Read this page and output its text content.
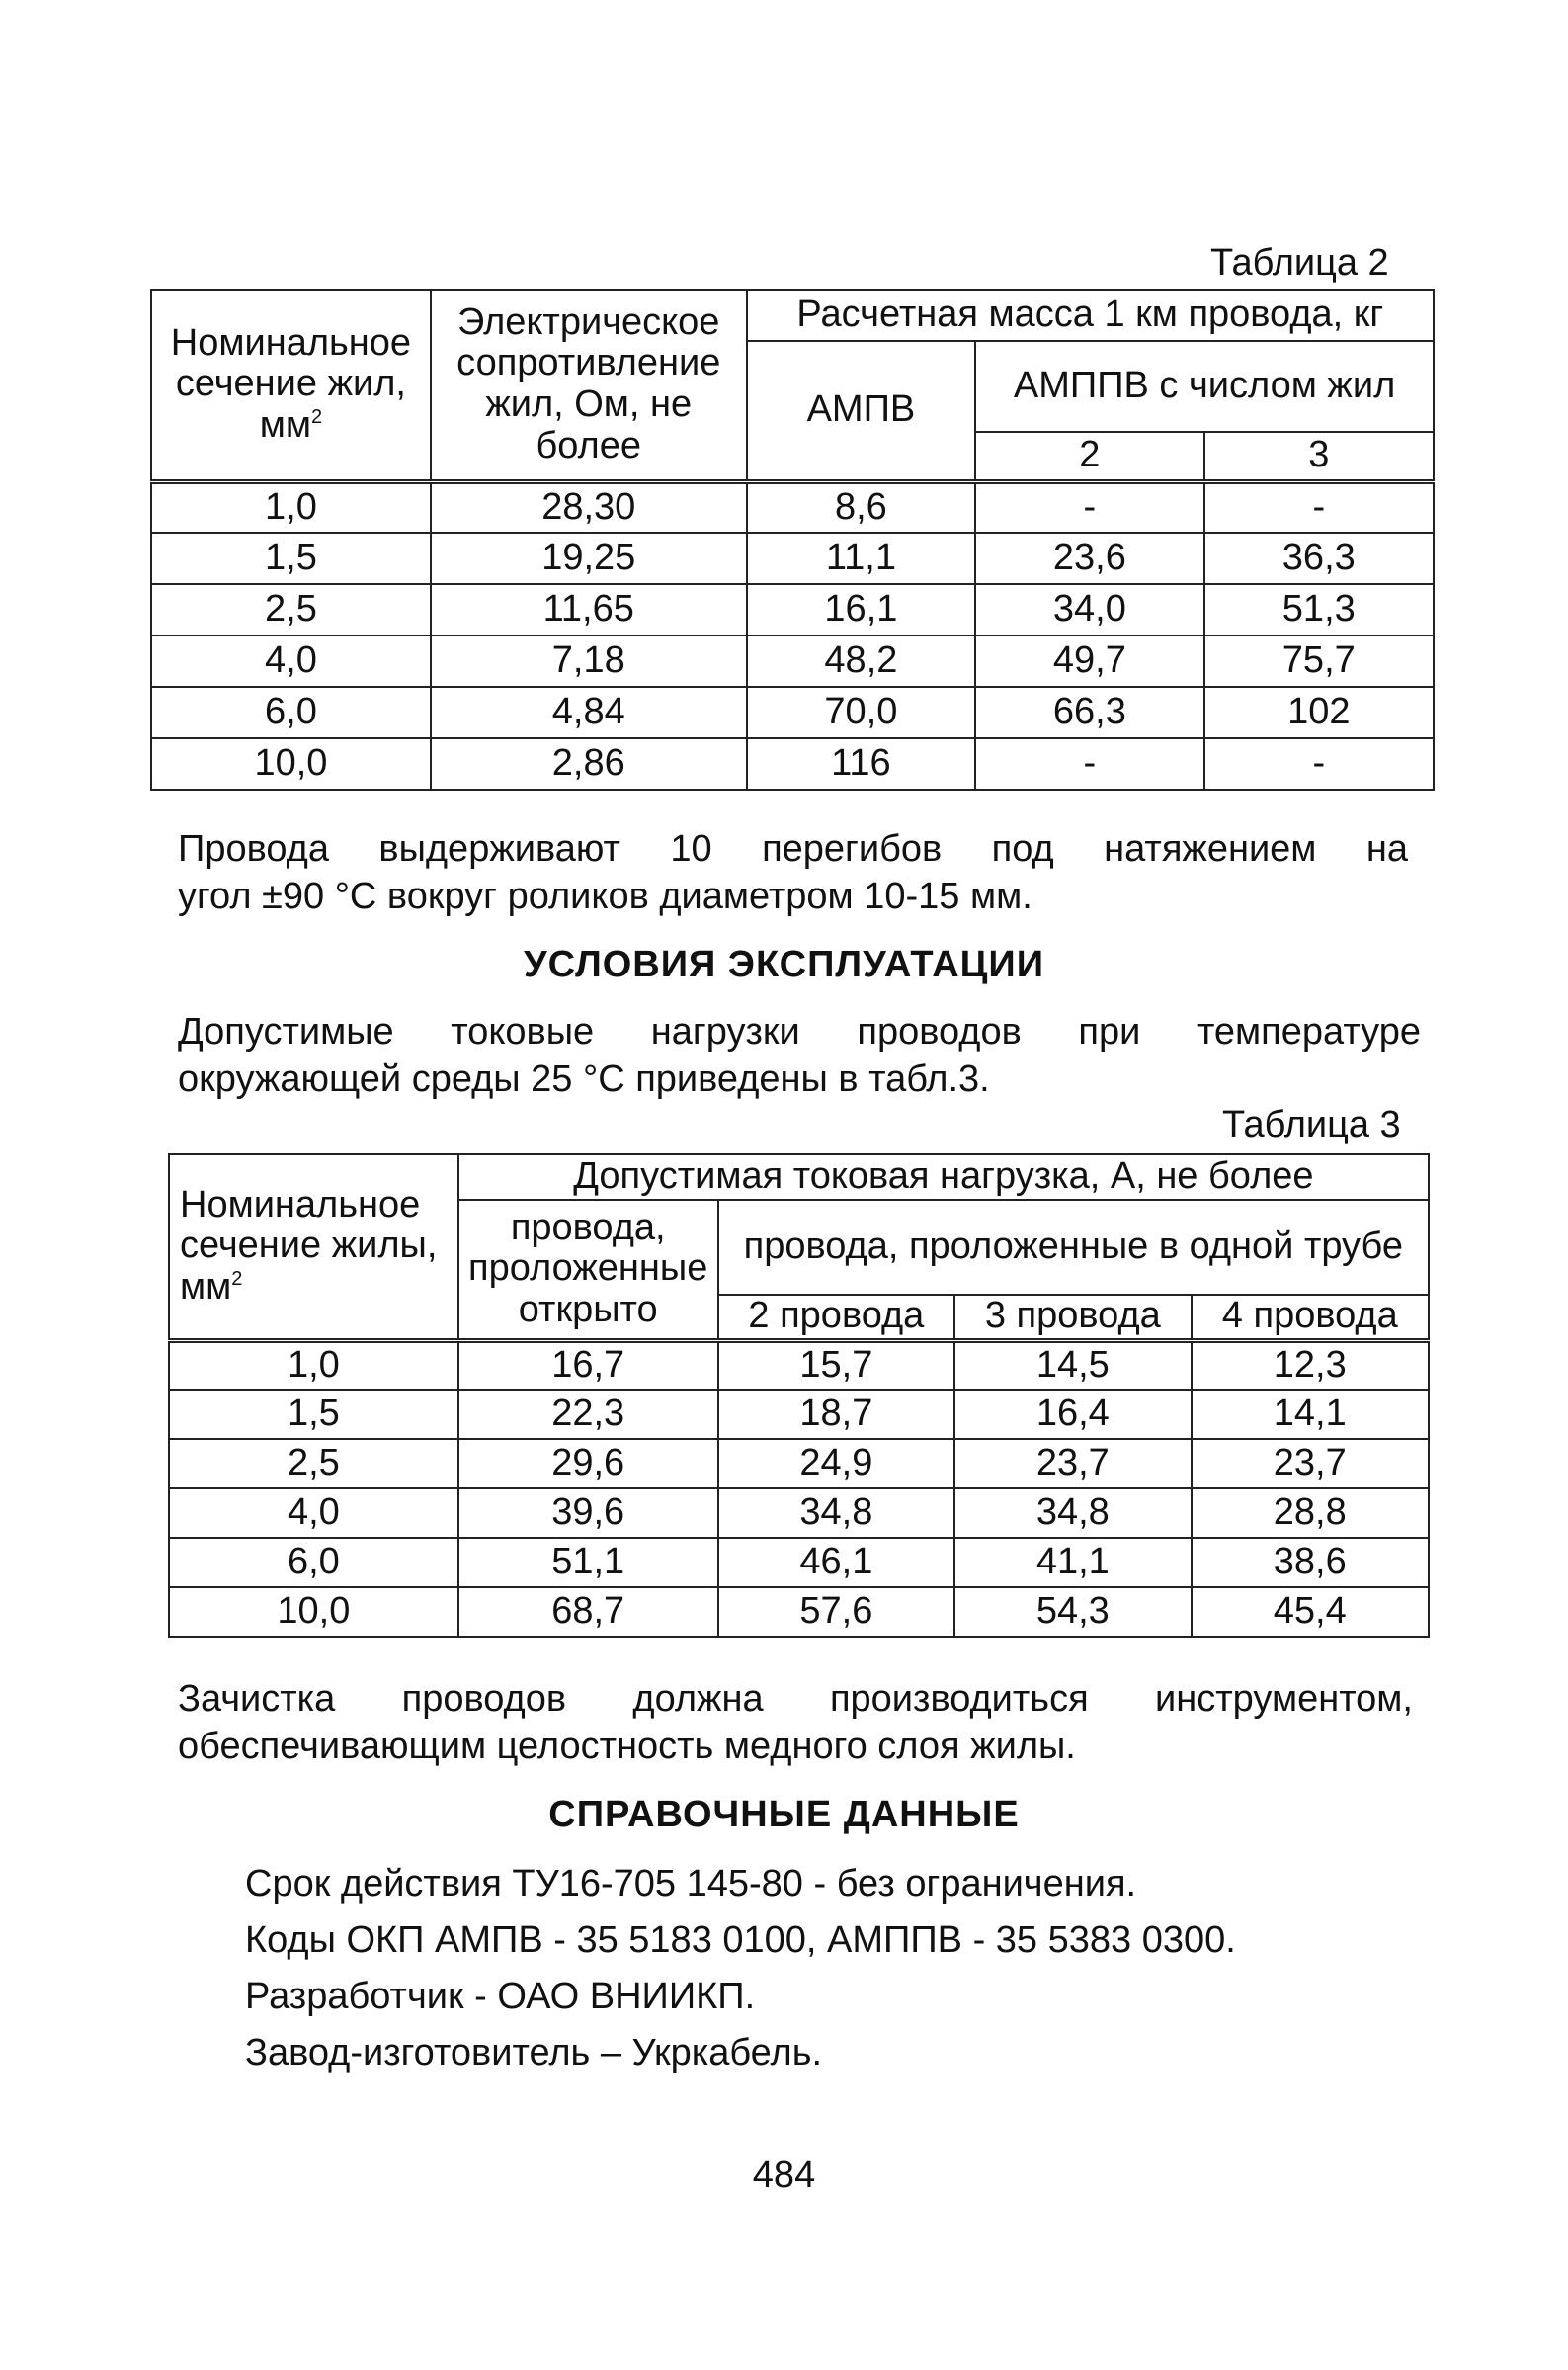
Таблица 2
Номинальное сечение жил, $мм^2$	Электрическое сопротивление жил, Ом, не более	Расчетная масса 1 км провода, кг		
		АМПВ	АМППВ с числом жил	
			2	3
1,0	28,30	8,6	-	-
1,5	19,25	11,1	23,6	36,3
2,5	11,65	16,1	34,0	51,3
4,0	7,18	48,2	49,7	75,7
6,0	4,84	70,0	66,3	102
10,0	2,86	116	-	-
Провода выдерживают 10 перегибов под натяжением на
угол ±90 °С вокруг роликов диаметром 10-15 мм.
УСЛОВИЯ ЭКСПЛУАТАЦИИ
Допустимые токовые нагрузки проводов при температуре
окружающей среды 25 °С приведены в табл.3.
Таблица 3
Номинальное сечение жилы, $мм^2$	Допустимая токовая нагрузка, А, не более			
	провода, проложенные открыто	провода, проложенные в одной трубе		
		2 провода	3 провода	4 провода
1,0	16,7	15,7	14,5	12,3
1,5	22,3	18,7	16,4	14,1
2,5	29,6	24,9	23,7	23,7
4,0	39,6	34,8	34,8	28,8
6,0	51,1	46,1	41,1	38,6
10,0	68,7	57,6	54,3	45,4
Зачистка проводов должна производиться инструментом,
обеспечивающим целостность медного слоя жилы.
СПРАВОЧНЫЕ ДАННЫЕ
Срок действия ТУ16-705 145-80 - без ограничения.
Коды ОКП АМПВ - 35 5183 0100, АМППВ - 35 5383 0300.
Разработчик - ОАО ВНИИКП.
Завод-изготовитель – Укркабель.
484
